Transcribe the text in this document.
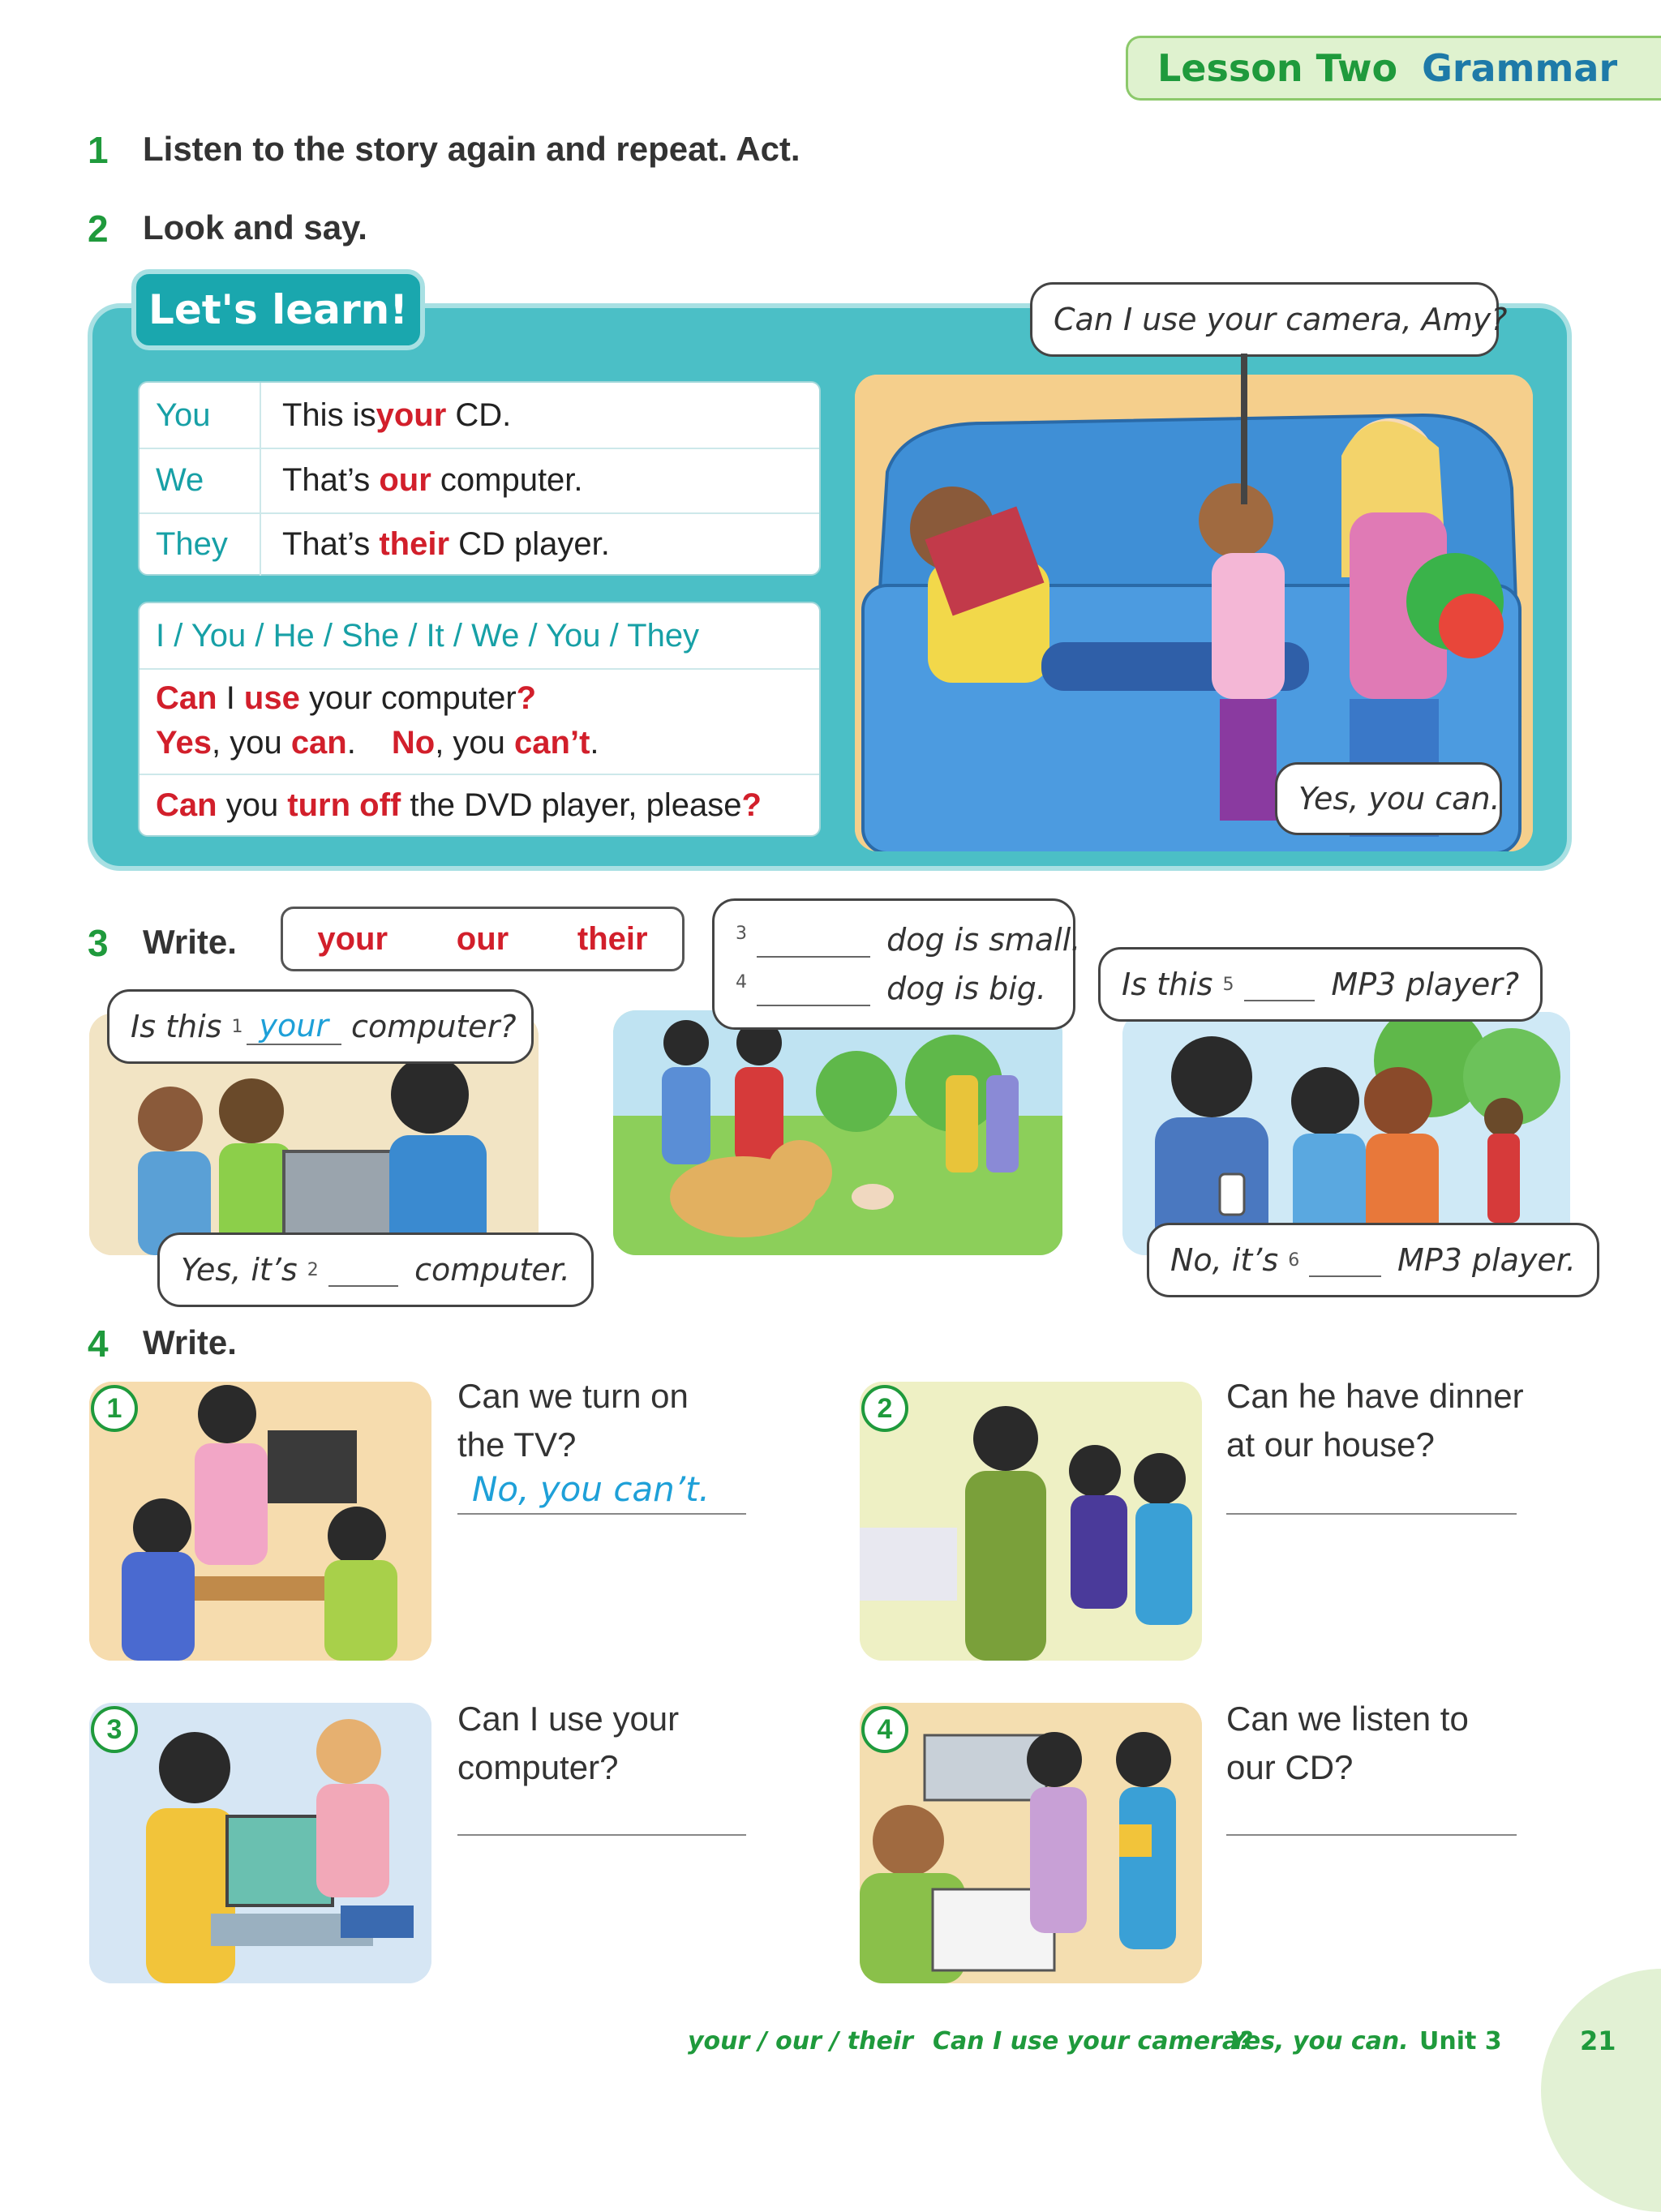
Lesson Two Grammar
1 Listen to the story again and repeat. Act.
2 Look and say.
Let's learn!
You	This is your CD.
We	That’s our computer.
They	That’s their CD player.
I / You / He / She / It / We / You / They
Can I use your computer?
Yes, you can. No, you can’t.
Can you turn off the DVD player, please ?
Can I use your camera, Amy?
Yes, you can.
3 Write. your our their
Is this 1 your computer?
Yes, it’s 2	computer.
$^3$	dog is small.
$^4$	dog is big. Is this 5	MP3 player?
No, it’s 6	MP3 player.
4 Write.
1	Can we turn on
the TV?
No, you can’t.
2	Can he have dinner
at our house?
3	Can I use your
computer?
4	Can we listen to
our CD?
your / our / their Can I use your camera?
Yes, you can. Unit 3	21
